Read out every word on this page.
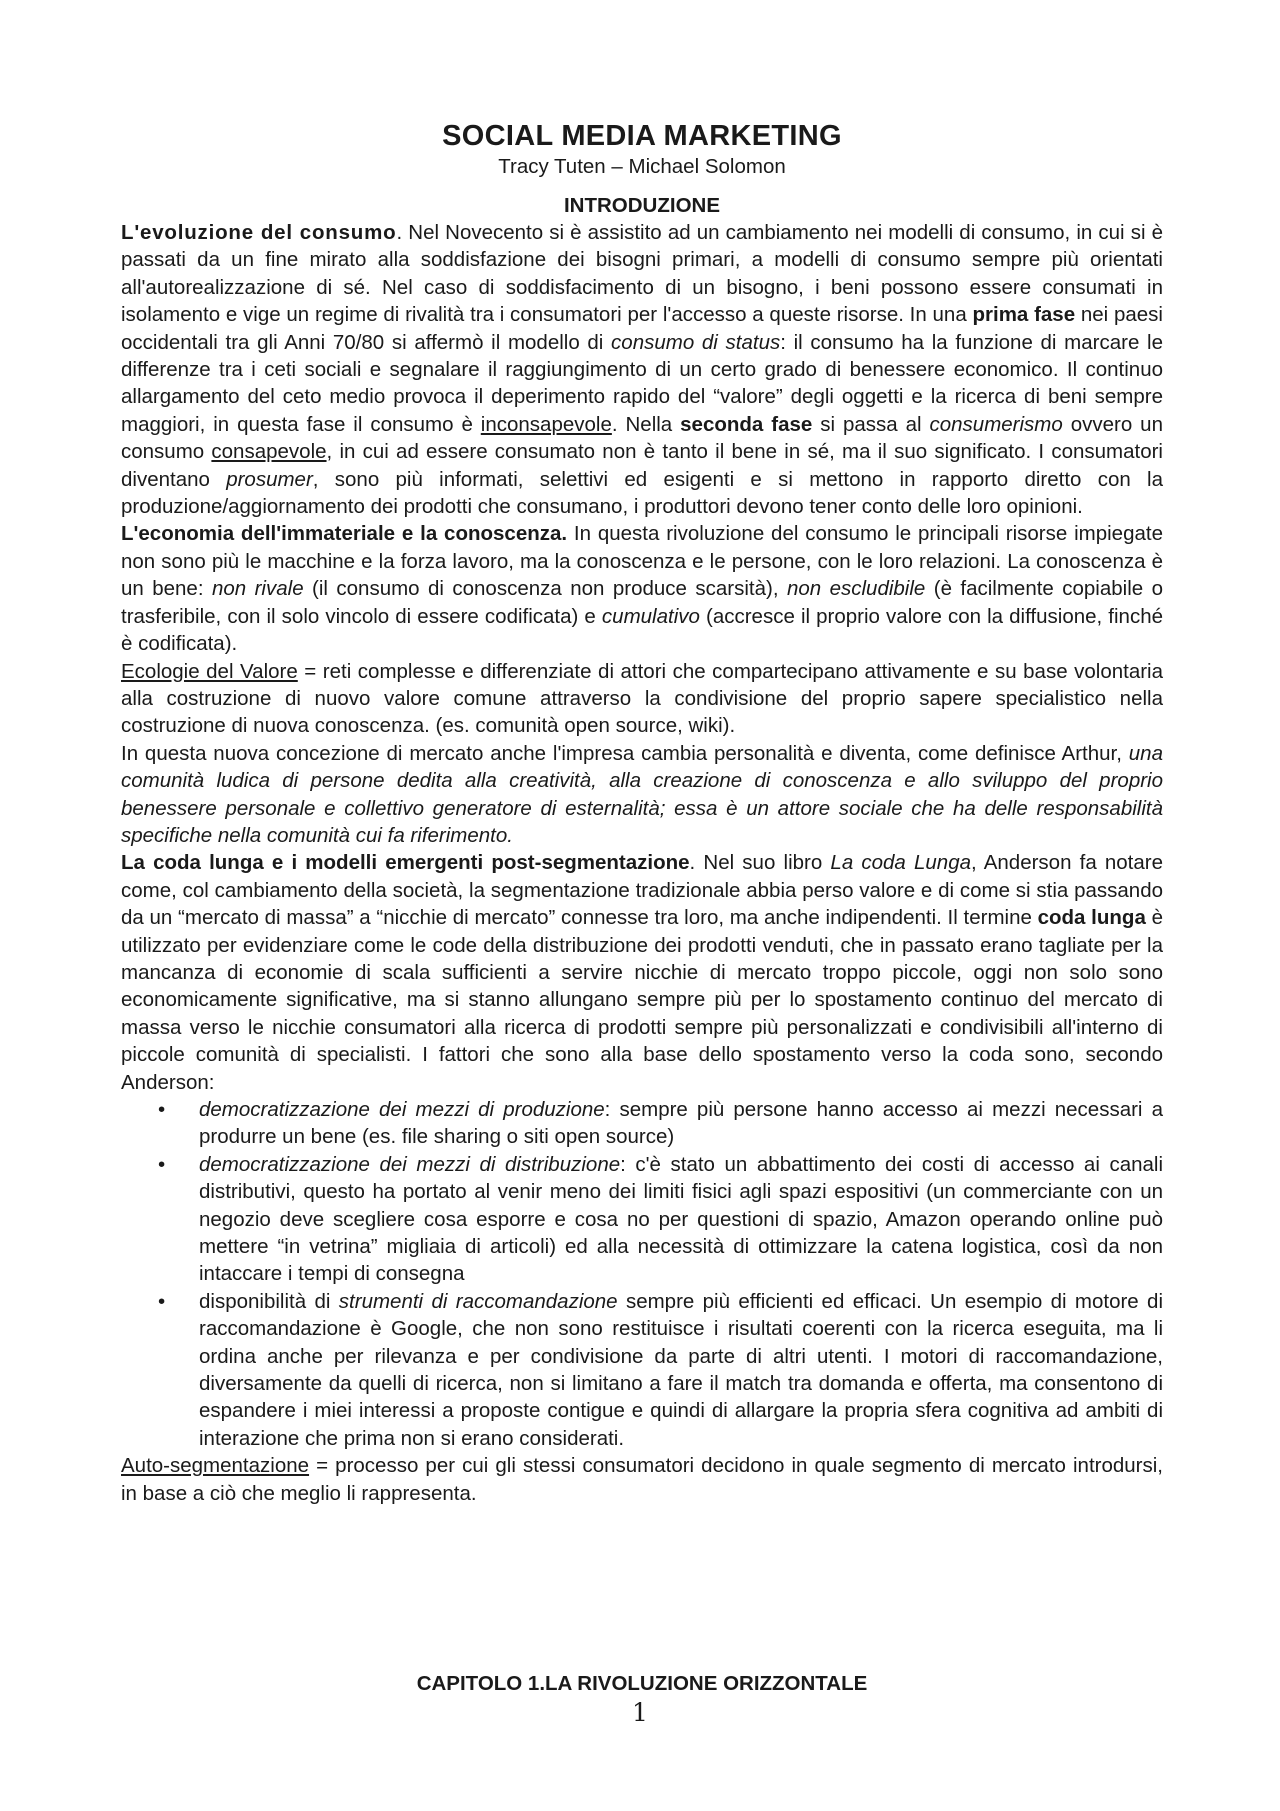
SOCIAL MEDIA MARKETING
Tracy Tuten – Michael Solomon
INTRODUZIONE

L'evoluzione del consumo. Nel Novecento si è assistito ad un cambiamento nei modelli di consumo, in cui si è passati da un fine mirato alla soddisfazione dei bisogni primari, a modelli di consumo sempre più orientati all'autorealizzazione di sé. Nel caso di soddisfacimento di un bisogno, i beni possono essere consumati in isolamento e vige un regime di rivalità tra i consumatori per l'accesso a queste risorse. In una prima fase nei paesi occidentali tra gli Anni 70/80 si affermò il modello di consumo di status: il consumo ha la funzione di marcare le differenze tra i ceti sociali e segnalare il raggiungimento di un certo grado di benessere economico. Il continuo allargamento del ceto medio provoca il deperimento rapido del “valore” degli oggetti e la ricerca di beni sempre maggiori, in questa fase il consumo è inconsapevole. Nella seconda fase si passa al consumerismo ovvero un consumo consapevole, in cui ad essere consumato non è tanto il bene in sé, ma il suo significato. I consumatori diventano prosumer, sono più informati, selettivi ed esigenti e si mettono in rapporto diretto con la produzione/aggiornamento dei prodotti che consumano, i produttori devono tener conto delle loro opinioni.

L'economia dell'immateriale e la conoscenza. In questa rivoluzione del consumo le principali risorse impiegate non sono più le macchine e la forza lavoro, ma la conoscenza e le persone, con le loro relazioni. La conoscenza è un bene: non rivale (il consumo di conoscenza non produce scarsità), non escludibile (è facilmente copiabile o trasferibile, con il solo vincolo di essere codificata) e cumulativo (accresce il proprio valore con la diffusione, finché è codificata).

Ecologie del Valore = reti complesse e differenziate di attori che compartecipano attivamente e su base volontaria alla costruzione di nuovo valore comune attraverso la condivisione del proprio sapere specialistico nella costruzione di nuova conoscenza. (es. comunità open source, wiki).

In questa nuova concezione di mercato anche l'impresa cambia personalità e diventa, come definisce Arthur, una comunità ludica di persone dedita alla creatività, alla creazione di conoscenza e allo sviluppo del proprio benessere personale e collettivo generatore di esternalità; essa è un attore sociale che ha delle responsabilità specifiche nella comunità cui fa riferimento.

La coda lunga e i modelli emergenti post-segmentazione. Nel suo libro La coda Lunga, Anderson fa notare come, col cambiamento della società, la segmentazione tradizionale abbia perso valore e di come si stia passando da un “mercato di massa” a “nicchie di mercato” connesse tra loro, ma anche indipendenti. Il termine coda lunga è utilizzato per evidenziare come le code della distribuzione dei prodotti venduti, che in passato erano tagliate per la mancanza di economie di scala sufficienti a servire nicchie di mercato troppo piccole, oggi non solo sono economicamente significative, ma si stanno allungano sempre più per lo spostamento continuo del mercato di massa verso le nicchie consumatori alla ricerca di prodotti sempre più personalizzati e condivisibili all'interno di piccole comunità di specialisti. I fattori che sono alla base dello spostamento verso la coda sono, secondo Anderson:

• democratizzazione dei mezzi di produzione: sempre più persone hanno accesso ai mezzi necessari a produrre un bene (es. file sharing o siti open source)
• democratizzazione dei mezzi di distribuzione: c'è stato un abbattimento dei costi di accesso ai canali distributivi, questo ha portato al venir meno dei limiti fisici agli spazi espositivi (un commerciante con un negozio deve scegliere cosa esporre e cosa no per questioni di spazio, Amazon operando online può mettere “in vetrina” migliaia di articoli) ed alla necessità di ottimizzare la catena logistica, così da non intaccare i tempi di consegna
• disponibilità di strumenti di raccomandazione sempre più efficienti ed efficaci. Un esempio di motore di raccomandazione è Google, che non sono restituisce i risultati coerenti con la ricerca eseguita, ma li ordina anche per rilevanza e per condivisione da parte di altri utenti. I motori di raccomandazione, diversamente da quelli di ricerca, non si limitano a fare il match tra domanda e offerta, ma consentono di espandere i miei interessi a proposte contigue e quindi di allargare la propria sfera cognitiva ad ambiti di interazione che prima non si erano considerati.

Auto-segmentazione = processo per cui gli stessi consumatori decidono in quale segmento di mercato introdursi, in base a ciò che meglio li rappresenta.

CAPITOLO 1.LA RIVOLUZIONE ORIZZONTALE
1
